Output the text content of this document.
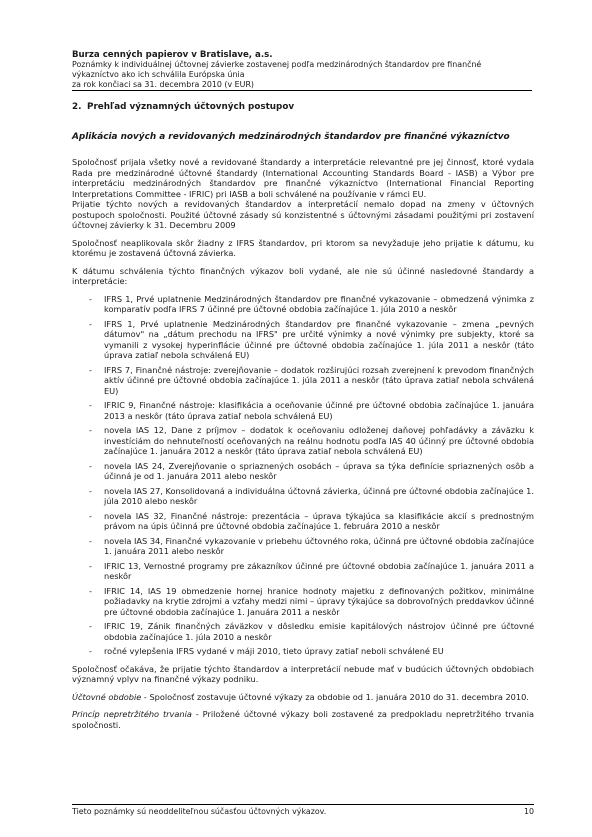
Burza cenných papierov v Bratislave, a.s.
Poznámky k individuálnej účtovnej závierke zostavenej podľa medzinárodných štandardov pre finančné
výkazníctvo ako ich schválila Európska únia
za rok končiaci sa 31. decembra 2010 (v EUR)
2. Prehľad významných účtovných postupov
Aplikácia nových a revidovaných medzinárodných štandardov pre finančné výkazníctvo

Spoločnosť prijala všetky nové a revidované štandardy a interpretácie relevantné pre jej činnosť, ktoré vydala Rada pre medzinárodné účtovné štandardy (International Accounting Standards Board - IASB) a Výbor pre interpretáciu medzinárodných štandardov pre finančné výkazníctvo (International Financial Reporting Interpretations Committee - IFRIC) pri IASB a boli schválené na používanie v rámci EU.

Prijatie týchto nových a revidovaných štandardov a interpretácií nemalo dopad na zmeny v účtovných postupoch spoločnosti. Použité účtovné zásady sú konzistentné s účtovnými zásadami použitými pri zostavení účtovnej závierky k 31. Decembru 2009

Spoločnosť neaplikovala skôr žiadny z IFRS štandardov, pri ktorom sa nevyžaduje jeho prijatie k dátumu, ku ktorému je zostavená účtovná závierka.

K dátumu schválenia týchto finančných výkazov boli vydané, ale nie sú účinné nasledovné štandardy a interpretácie:

-	IFRS 1, Prvé uplatnenie Medzinárodných štandardov pre finančné vykazovanie – obmedzená výnimka z komparatív podľa IFRS 7 účinné pre účtovné obdobia začínajúce 1. júla 2010 a neskôr
-	IFRS 1, Prvé uplatnenie Medzinárodných štandardov pre finančné vykazovanie – zmena „pevných dátumov" na „dátum prechodu na IFRS" pre určité výnimky a nové výnimky pre subjekty, ktoré sa vymanili z vysokej hyperinflácie účinné pre účtovné obdobia začínajúce 1. júla 2011 a neskôr (táto úprava zatiaľ nebola schválená EU)
-	IFRS 7, Finančné nástroje: zverejňovanie – dodatok rozširujúci rozsah zverejnení k prevodom finančných aktív účinné pre účtovné obdobia začínajúce 1. júla 2011 a neskôr (táto úprava zatiaľ nebola schválená EU)
-	IFRIC 9, Finančné nástroje: klasifikácia a oceňovanie účinné pre účtovné obdobia začínajúce 1. januára 2013 a neskôr (táto úprava zatiaľ nebola schválená EU)
-	novela IAS 12, Dane z príjmov – dodatok k oceňovaniu odloženej daňovej pohľadávky a záväzku k investíciám do nehnuteľností oceňovaných na reálnu hodnotu podľa IAS 40 účinný pre účtovné obdobia začínajúce 1. januára 2012 a neskôr (táto úprava zatiaľ nebola schválená EU)
-	novela IAS 24, Zverejňovanie o spriaznených osobách – úprava sa týka definície spriaznených osôb a účinná je od 1. januára 2011 alebo neskôr
-	novela IAS 27, Konsolidovaná a individuálna účtovná závierka, účinná pre účtovné obdobia začínajúce 1. júla 2010 alebo neskôr
-	novela IAS 32, Finančné nástroje: prezentácia – úprava týkajúca sa klasifikácie akcií s prednostným právom na úpis účinná pre účtovné obdobia začínajúce 1. februára 2010 a neskôr
-	novela IAS 34, Finančné vykazovanie v priebehu účtovného roka, účinná pre účtovné obdobia začínajúce 1. januára 2011 alebo neskôr
-	IFRIC 13, Vernostné programy pre zákazníkov účinné pre účtovné obdobia začínajúce 1. januára 2011 a neskôr
-	IFRIC 14, IAS 19 obmedzenie hornej hranice hodnoty majetku z definovaných požitkov, minimálne požiadavky na krytie zdrojmi a vzťahy medzi nimi – úpravy týkajúce sa dobrovoľných preddavkov účinné pre účtovné obdobia začínajúce 1. Januára 2011 a neskôr
-	IFRIC 19, Zánik finančných záväzkov v dôsledku emisie kapitálových nástrojov účinné pre účtovné obdobia začínajúce 1. júla 2010 a neskôr
-	ročné vylepšenia IFRS vydané v máji 2010, tieto úpravy zatiaľ neboli schválené EU

Spoločnosť očakáva, že prijatie týchto štandardov a interpretácií nebude mať v budúcich účtovných obdobiach významný vplyv na finančné výkazy podniku.

Účtovné obdobie - Spoločnosť zostavuje účtovné výkazy za obdobie od 1. januára 2010 do 31. decembra 2010.

Princíp nepretržitého trvania - Priložené účtovné výkazy boli zostavené za predpokladu nepretržitého trvania spoločnosti.

Tieto poznámky sú neoddeliteľnou súčasťou účtovných výkazov.	10
